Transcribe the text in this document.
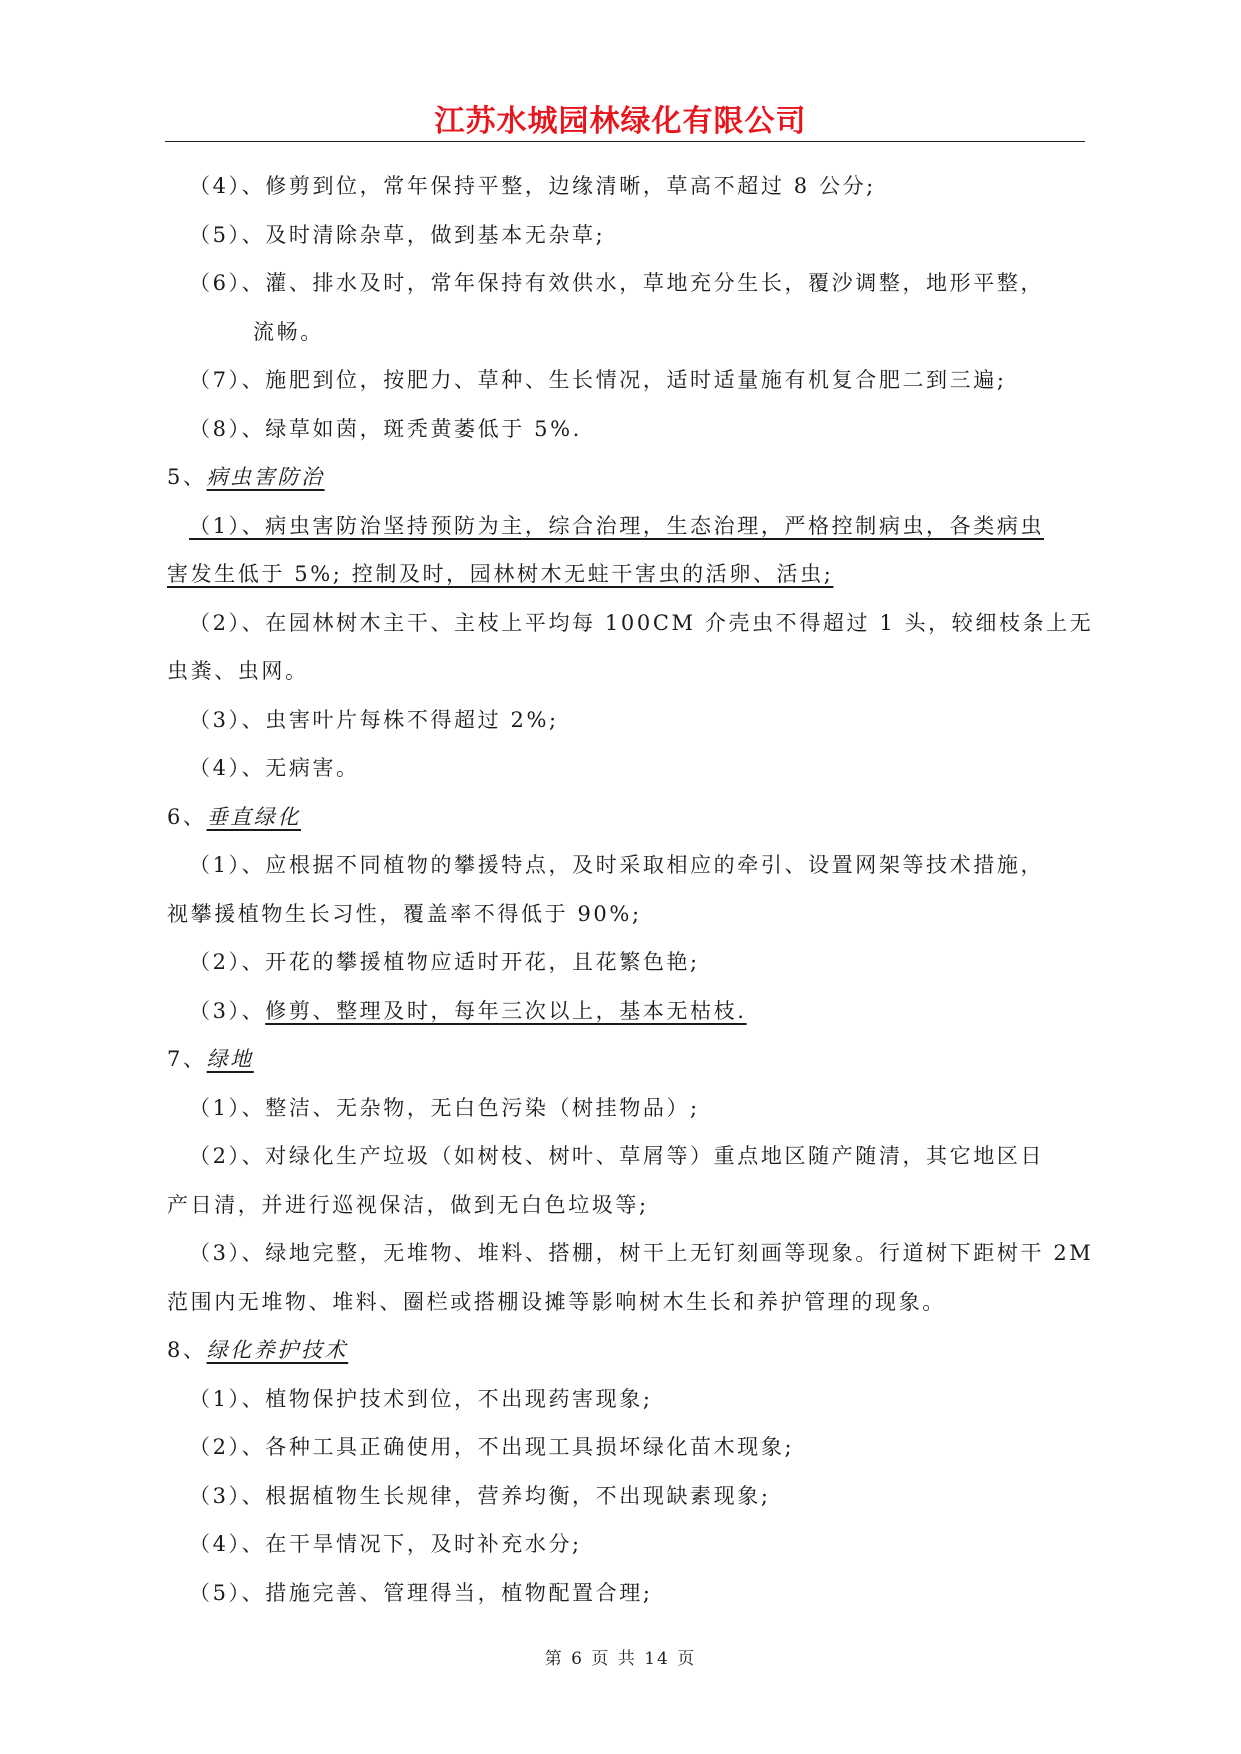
江苏水城园林绿化有限公司
（4）、修剪到位，常年保持平整，边缘清晰，草高不超过 8 公分;
（5）、及时清除杂草，做到基本无杂草;
（6）、灌、排水及时，常年保持有效供水，草地充分生长，覆沙调整，地形平整，
流畅。
（7）、施肥到位，按肥力、草种、生长情况，适时适量施有机复合肥二到三遍;
（8）、绿草如茵，斑秃黄萎低于 5%.
5、病虫害防治
（1）、病虫害防治坚持预防为主，综合治理，生态治理，严格控制病虫，各类病虫
害发生低于 5%; 控制及时，园林树木无蛀干害虫的活卵、活虫;
（2）、在园林树木主干、主枝上平均每 100CM 介壳虫不得超过 1 头，较细枝条上无
虫粪、虫网。
（3）、虫害叶片每株不得超过 2%;
（4）、无病害。
6、垂直绿化
（1）、应根据不同植物的攀援特点，及时采取相应的牵引、设置网架等技术措施，
视攀援植物生长习性，覆盖率不得低于 90%;
（2）、开花的攀援植物应适时开花，且花繁色艳;
（3）、修剪、整理及时，每年三次以上，基本无枯枝.
7、绿地
（1）、整洁、无杂物，无白色污染（树挂物品）;
（2）、对绿化生产垃圾（如树枝、树叶、草屑等）重点地区随产随清，其它地区日
产日清，并进行巡视保洁，做到无白色垃圾等;
（3）、绿地完整，无堆物、堆料、搭棚，树干上无钉刻画等现象。行道树下距树干 2M
范围内无堆物、堆料、圈栏或搭棚设摊等影响树木生长和养护管理的现象。
8、绿化养护技术
（1）、植物保护技术到位，不出现药害现象;
（2）、各种工具正确使用，不出现工具损坏绿化苗木现象;
（3）、根据植物生长规律，营养均衡，不出现缺素现象;
（4）、在干旱情况下，及时补充水分;
（5）、措施完善、管理得当，植物配置合理;
第 6 页 共 14 页
